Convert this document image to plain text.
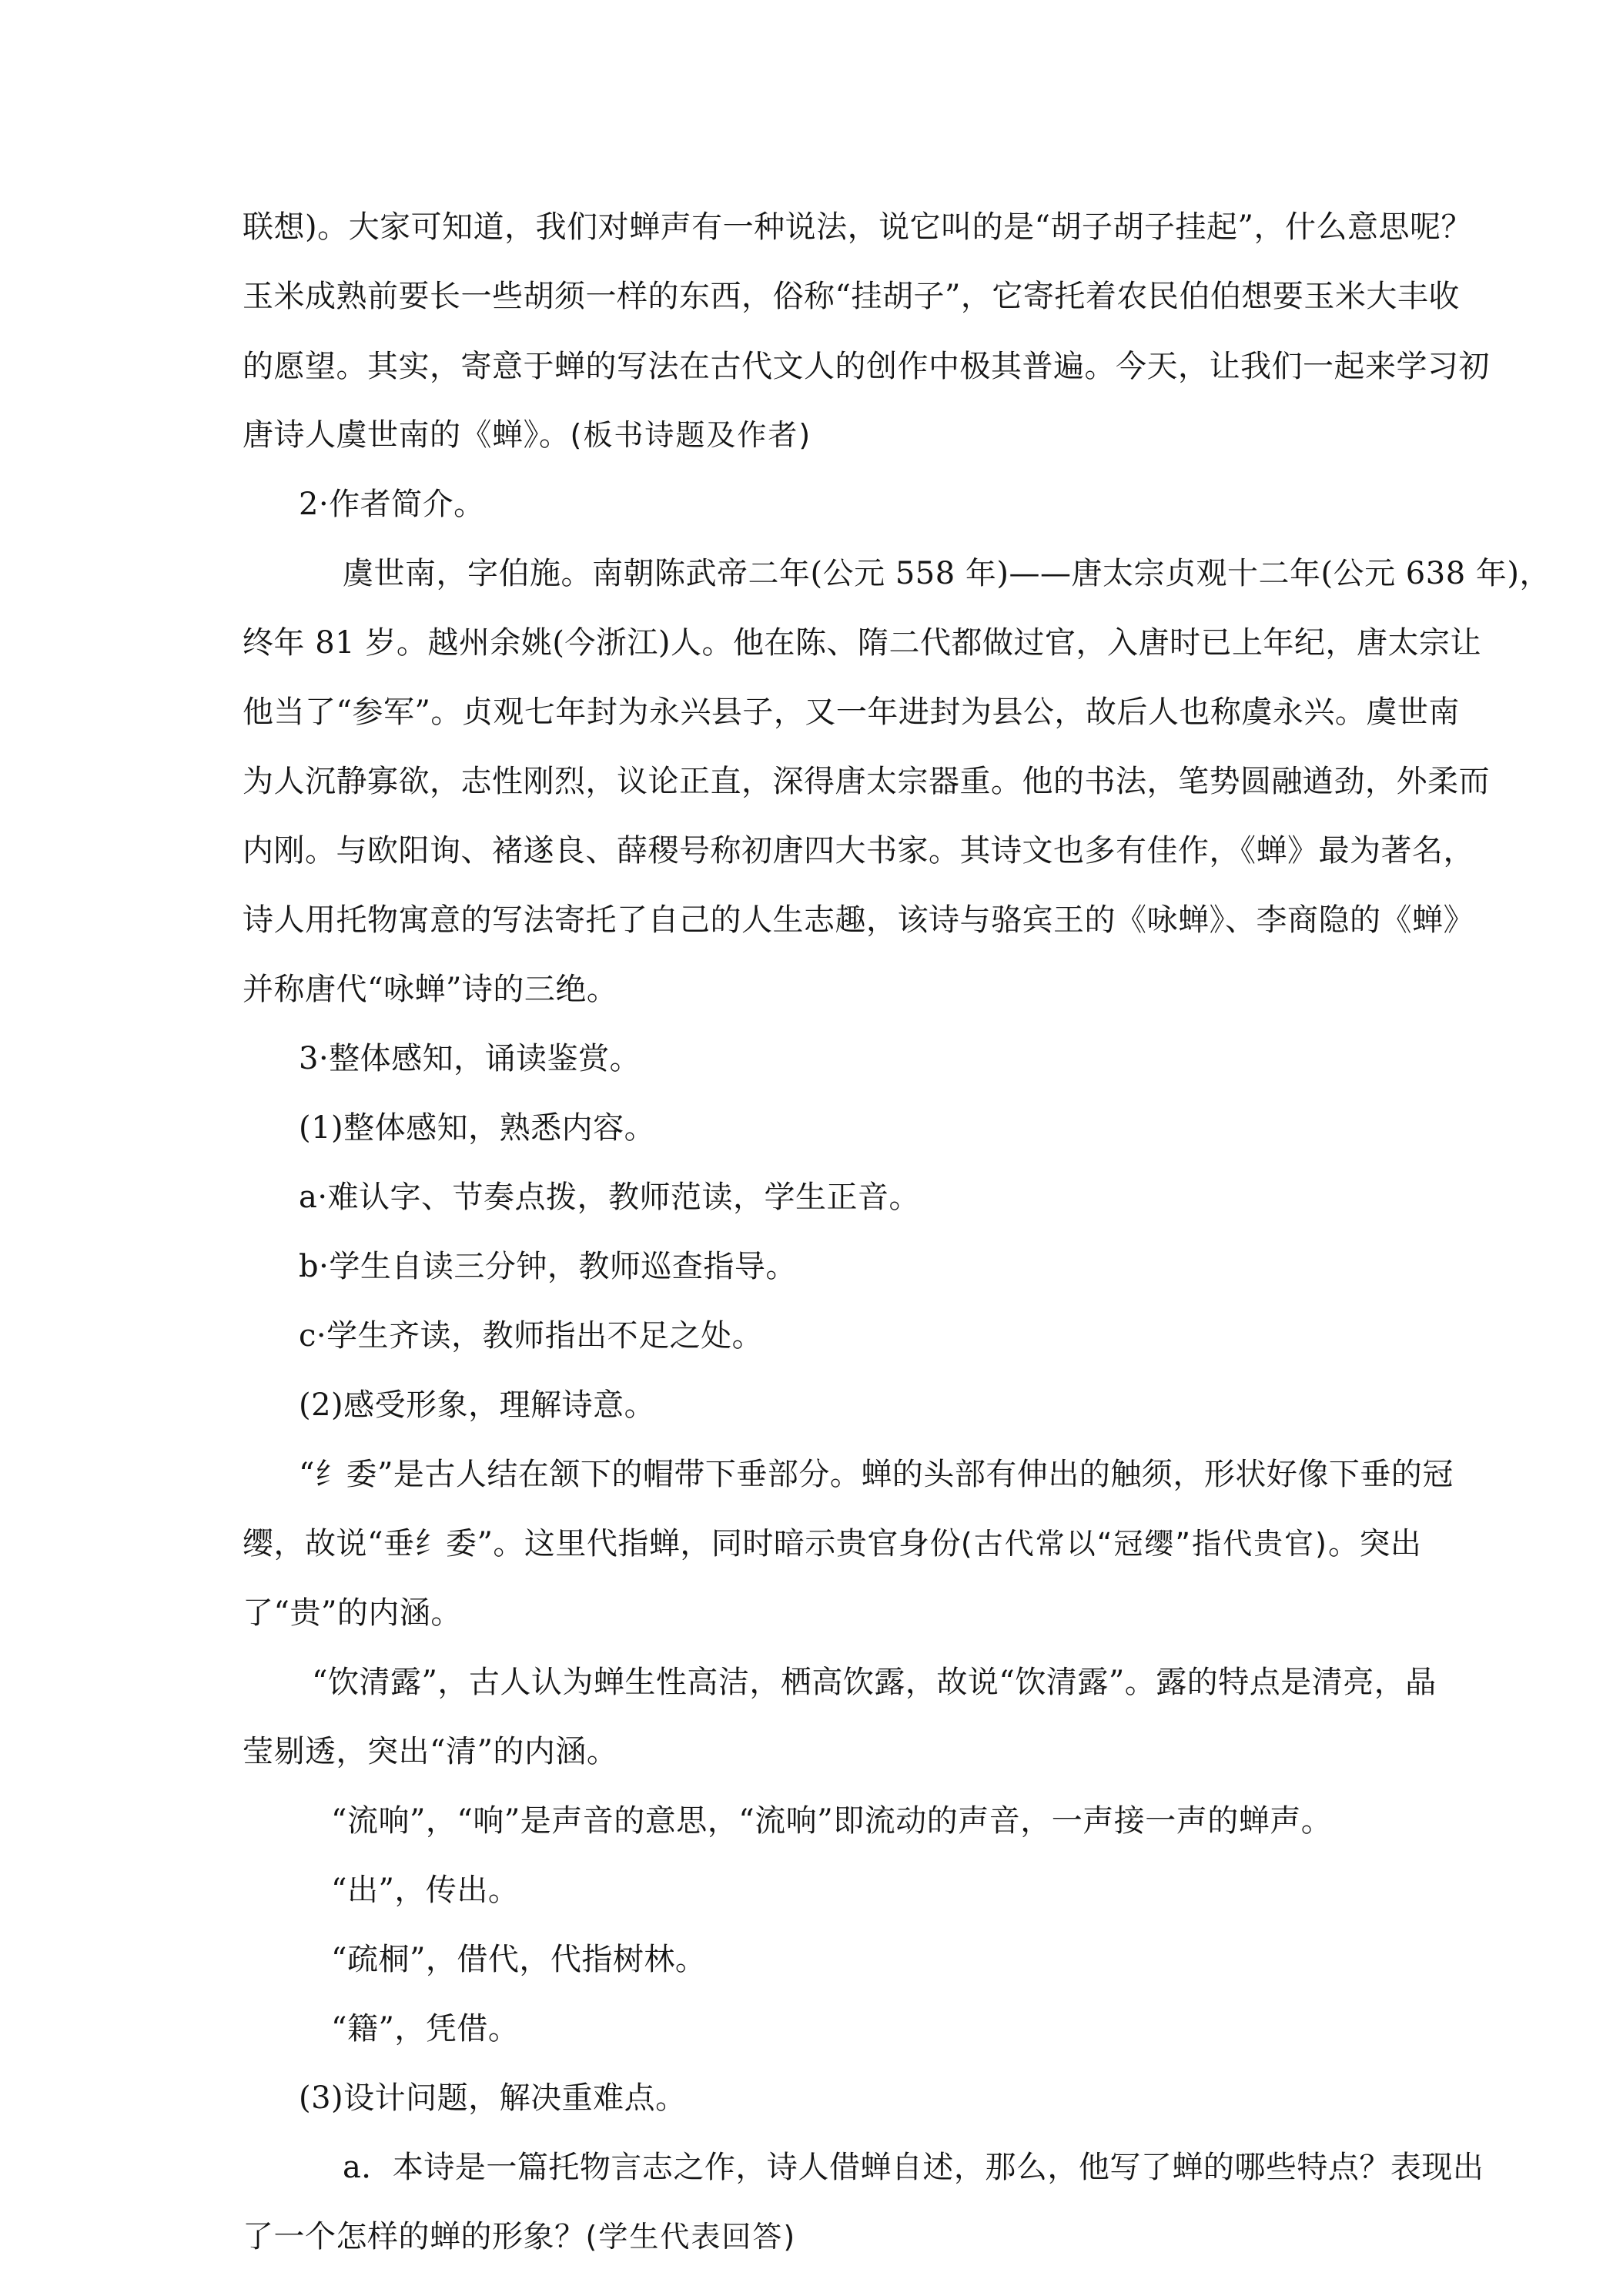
联想)。大家可知道，我们对蝉声有一种说法，说它叫的是“胡子胡子挂起”，什么意思呢？
玉米成熟前要长一些胡须一样的东西，俗称“挂胡子”，它寄托着农民伯伯想要玉米大丰收
的愿望。其实，寄意于蝉的写法在古代文人的创作中极其普遍。今天，让我们一起来学习初
唐诗人虞世南的《蝉》。(板书诗题及作者)
2·作者简介。
虞世南，字伯施。南朝陈武帝二年(公元 558 年)——唐太宗贞观十二年(公元 638 年)，
终年 81 岁。越州余姚(今浙江)人。他在陈、隋二代都做过官，入唐时已上年纪，唐太宗让
他当了“参军”。贞观七年封为永兴县子，又一年进封为县公，故后人也称虞永兴。虞世南
为人沉静寡欲，志性刚烈，议论正直，深得唐太宗器重。他的书法，笔势圆融遒劲，外柔而
内刚。与欧阳询、褚遂良、薛稷号称初唐四大书家。其诗文也多有佳作，《蝉》最为著名，
诗人用托物寓意的写法寄托了自己的人生志趣，该诗与骆宾王的《咏蝉》、李商隐的《蝉》
并称唐代“咏蝉”诗的三绝。
3·整体感知，诵读鉴赏。
(1)整体感知，熟悉内容。
a·难认字、节奏点拨，教师范读，学生正音。
b·学生自读三分钟，教师巡查指导。
c·学生齐读，教师指出不足之处。
(2)感受形象，理解诗意。
“纟委”是古人结在颔下的帽带下垂部分。蝉的头部有伸出的触须，形状好像下垂的冠
缨，故说“垂纟委”。这里代指蝉，同时暗示贵官身份(古代常以“冠缨”指代贵官)。突出
了“贵”的内涵。
“饮清露”，古人认为蝉生性高洁，栖高饮露，故说“饮清露”。露的特点是清亮，晶
莹剔透，突出“清”的内涵。
“流响”，“响”是声音的意思，“流响”即流动的声音，一声接一声的蝉声。
“出”，传出。
“疏桐”，借代，代指树林。
“籍”，凭借。
(3)设计问题，解决重难点。
a．本诗是一篇托物言志之作，诗人借蝉自述，那么，他写了蝉的哪些特点？表现出
了一个怎样的蝉的形象？(学生代表回答)
